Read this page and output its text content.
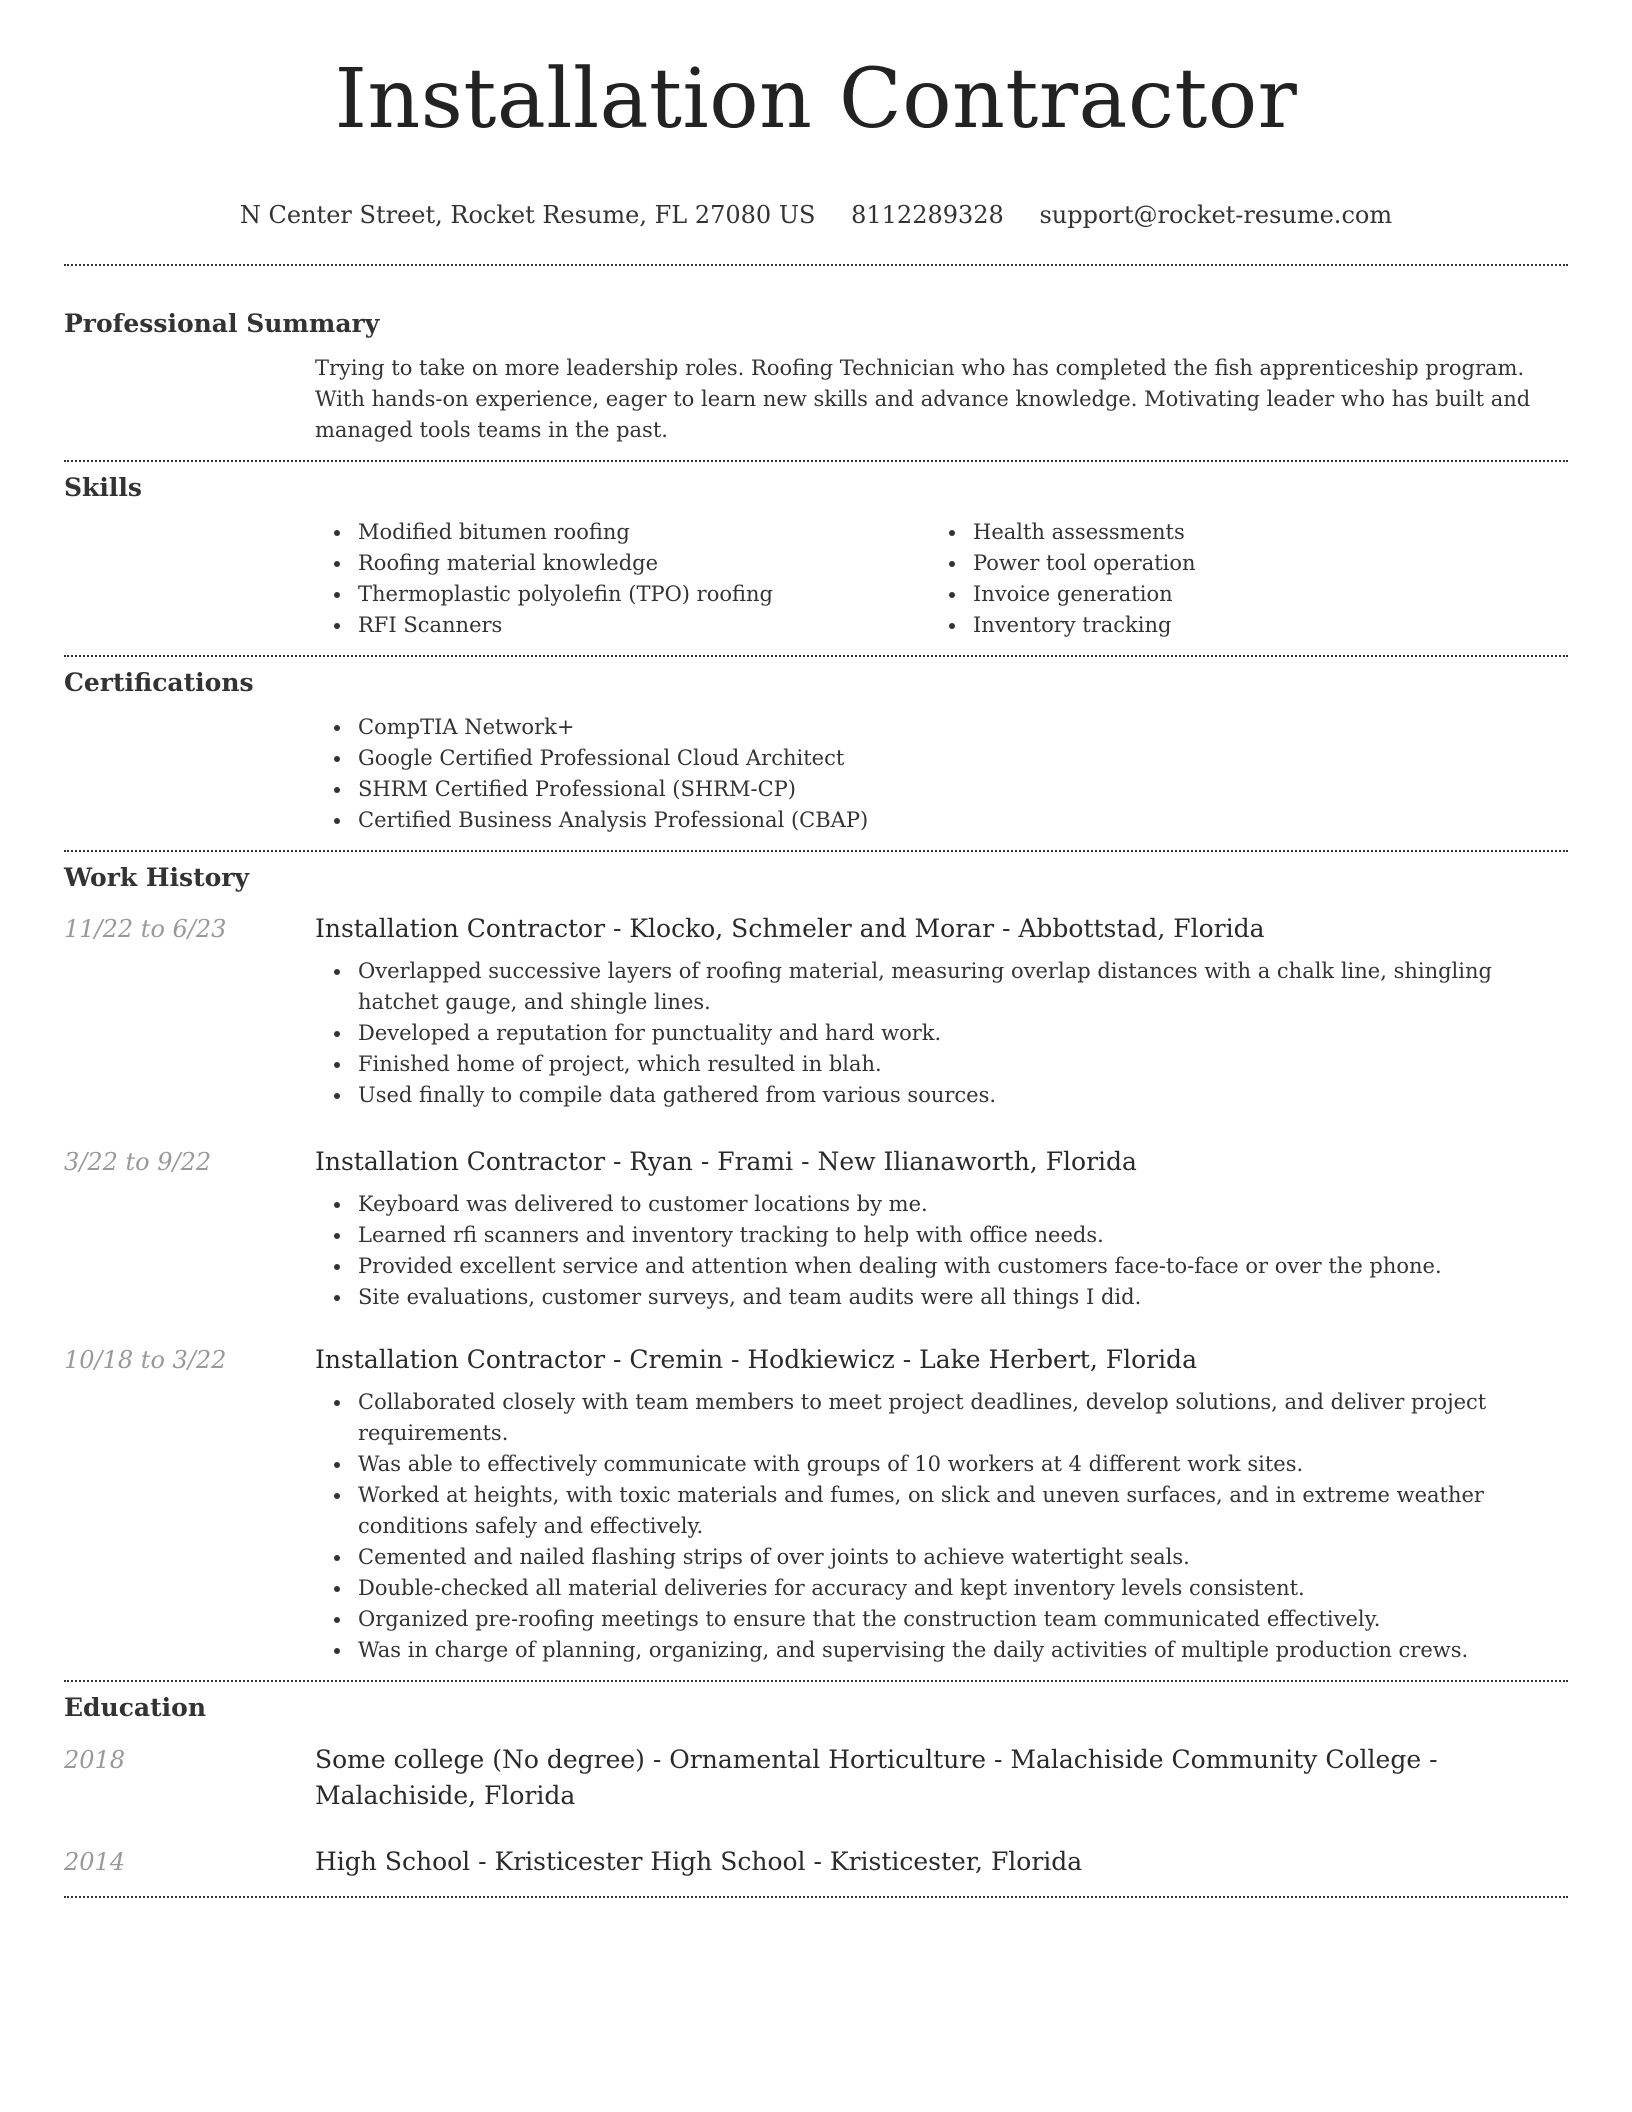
Installation Contractor
N Center Street, Rocket Resume, FL 27080 US 8112289328 support@rocket-resume.com
Professional Summary

Trying to take on more leadership roles. Roofing Technician who has completed the fish apprenticeship program. With hands-on experience, eager to learn new skills and advance knowledge. Motivating leader who has built and managed tools teams in the past.

Skills
Modified bitumen roofing
Roofing material knowledge
Thermoplastic polyolefin (TPO) roofing
RFI Scanners
Health assessments
Power tool operation
Invoice generation
Inventory tracking
Certifications
CompTIA Network+
Google Certified Professional Cloud Architect
SHRM Certified Professional (SHRM-CP)
Certified Business Analysis Professional (CBAP)
Work History
11/22 to 6/23	Installation Contractor - Klocko, Schmeler and Morar - Abbottstad, Florida
Overlapped successive layers of roofing material, measuring overlap distances with a chalk line, shingling hatchet gauge, and shingle lines.
Developed a reputation for punctuality and hard work.
Finished home of project, which resulted in blah.
Used finally to compile data gathered from various sources.
3/22 to 9/22	Installation Contractor - Ryan - Frami - New Ilianaworth, Florida
Keyboard was delivered to customer locations by me.
Learned rfi scanners and inventory tracking to help with office needs.
Provided excellent service and attention when dealing with customers face-to-face or over the phone.
Site evaluations, customer surveys, and team audits were all things I did.
10/18 to 3/22	Installation Contractor - Cremin - Hodkiewicz - Lake Herbert, Florida
Collaborated closely with team members to meet project deadlines, develop solutions, and deliver project requirements.
Was able to effectively communicate with groups of 10 workers at 4 different work sites.
Worked at heights, with toxic materials and fumes, on slick and uneven surfaces, and in extreme weather conditions safely and effectively.
Cemented and nailed flashing strips of over joints to achieve watertight seals.
Double-checked all material deliveries for accuracy and kept inventory levels consistent.
Organized pre-roofing meetings to ensure that the construction team communicated effectively.
Was in charge of planning, organizing, and supervising the daily activities of multiple production crews.
Education
2018	Some college (No degree) - Ornamental Horticulture - Malachiside Community College - Malachiside, Florida
2014	High School - Kristicester High School - Kristicester, Florida
